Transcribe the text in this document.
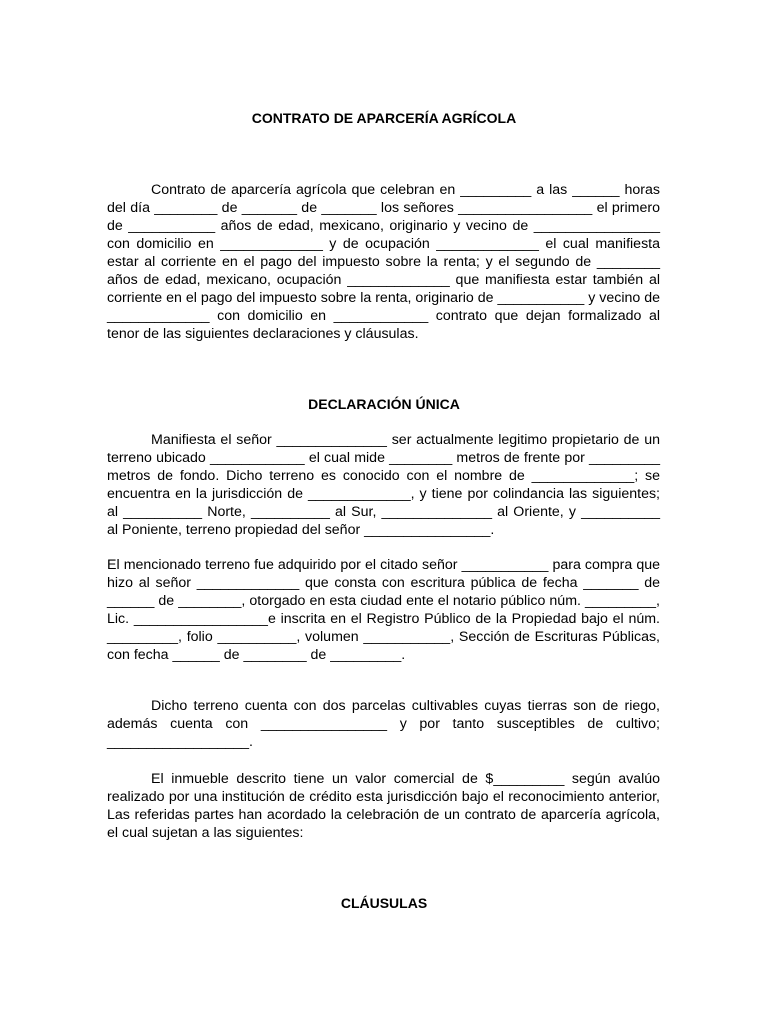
CONTRATO DE APARCERÍA AGRÍCOLA

Contrato de aparcería agrícola que celebran en _________ a las ______ horas del día ________ de _______ de _______ los señores _________________ el primero de ___________ años de edad, mexicano, originario y vecino de ________________ con domicilio en _____________ y de ocupación _____________ el cual manifiesta estar al corriente en el pago del impuesto sobre la renta; y el segundo de ________ años de edad, mexicano, ocupación _____________ que manifiesta estar también al corriente en el pago del impuesto sobre la renta, originario de ___________ y vecino de _____________ con domicilio en ____________ contrato que dejan formalizado al tenor de las siguientes declaraciones y cláusulas.

DECLARACIÓN ÚNICA

Manifiesta el señor ______________ ser actualmente legitimo propietario de un terreno ubicado ____________ el cual mide ________ metros de frente por _________ metros de fondo. Dicho terreno es conocido con el nombre de _____________; se encuentra en la jurisdicción de _____________, y tiene por colindancia las siguientes; al __________ Norte, __________ al Sur, ______________ al Oriente, y __________ al Poniente, terreno propiedad del señor ________________.

El mencionado terreno fue adquirido por el citado señor ___________ para compra que hizo al señor _____________ que consta con escritura pública de fecha _______ de ______ de ________, otorgado en esta ciudad ente el notario público núm. _________, Lic. _________________e inscrita en el Registro Público de la Propiedad bajo el núm. _________, folio __________, volumen ___________, Sección de Escrituras Públicas, con fecha ______ de ________ de _________.

Dicho terreno cuenta con dos parcelas cultivables cuyas tierras son de riego, además cuenta con ________________ y por tanto susceptibles de cultivo; __________________.

El inmueble descrito tiene un valor comercial de $_________ según avalúo realizado por una institución de crédito esta jurisdicción bajo el reconocimiento anterior, Las referidas partes han acordado la celebración de un contrato de aparcería agrícola, el cual sujetan a las siguientes:

CLÁUSULAS
